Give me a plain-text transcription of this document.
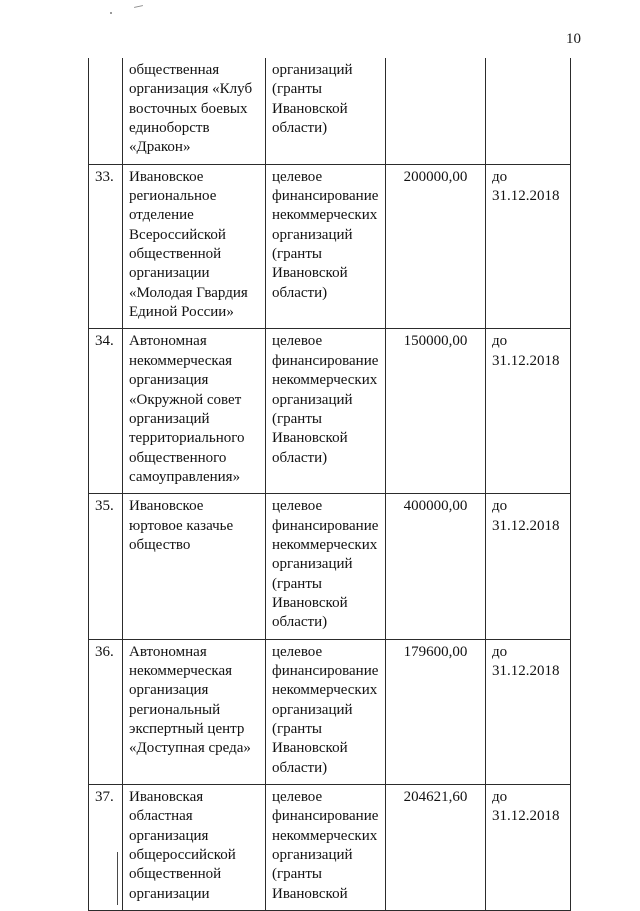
10
	общественная организация «Клуб восточных боевых единоборств «Дракон»	организаций (гранты Ивановской области)		
33.	Ивановское региональное отделение Всероссийской общественной организации «Молодая Гвардия Единой России»	целевое финансирование некоммерческих организаций (гранты Ивановской области)	200000,00	до 31.12.2018
34.	Автономная некоммерческая организация «Окружной совет организаций территориального общественного самоуправления»	целевое финансирование некоммерческих организаций (гранты Ивановской области)	150000,00	до 31.12.2018
35.	Ивановское юртовое казачье общество	целевое финансирование некоммерческих организаций (гранты Ивановской области)	400000,00	до 31.12.2018
36.	Автономная некоммерческая организация региональный экспертный центр «Доступная среда»	целевое финансирование некоммерческих организаций (гранты Ивановской области)	179600,00	до 31.12.2018
37.	Ивановская областная организация общероссийской общественной организации	целевое финансирование некоммерческих организаций (гранты Ивановской	204621,60	до 31.12.2018
